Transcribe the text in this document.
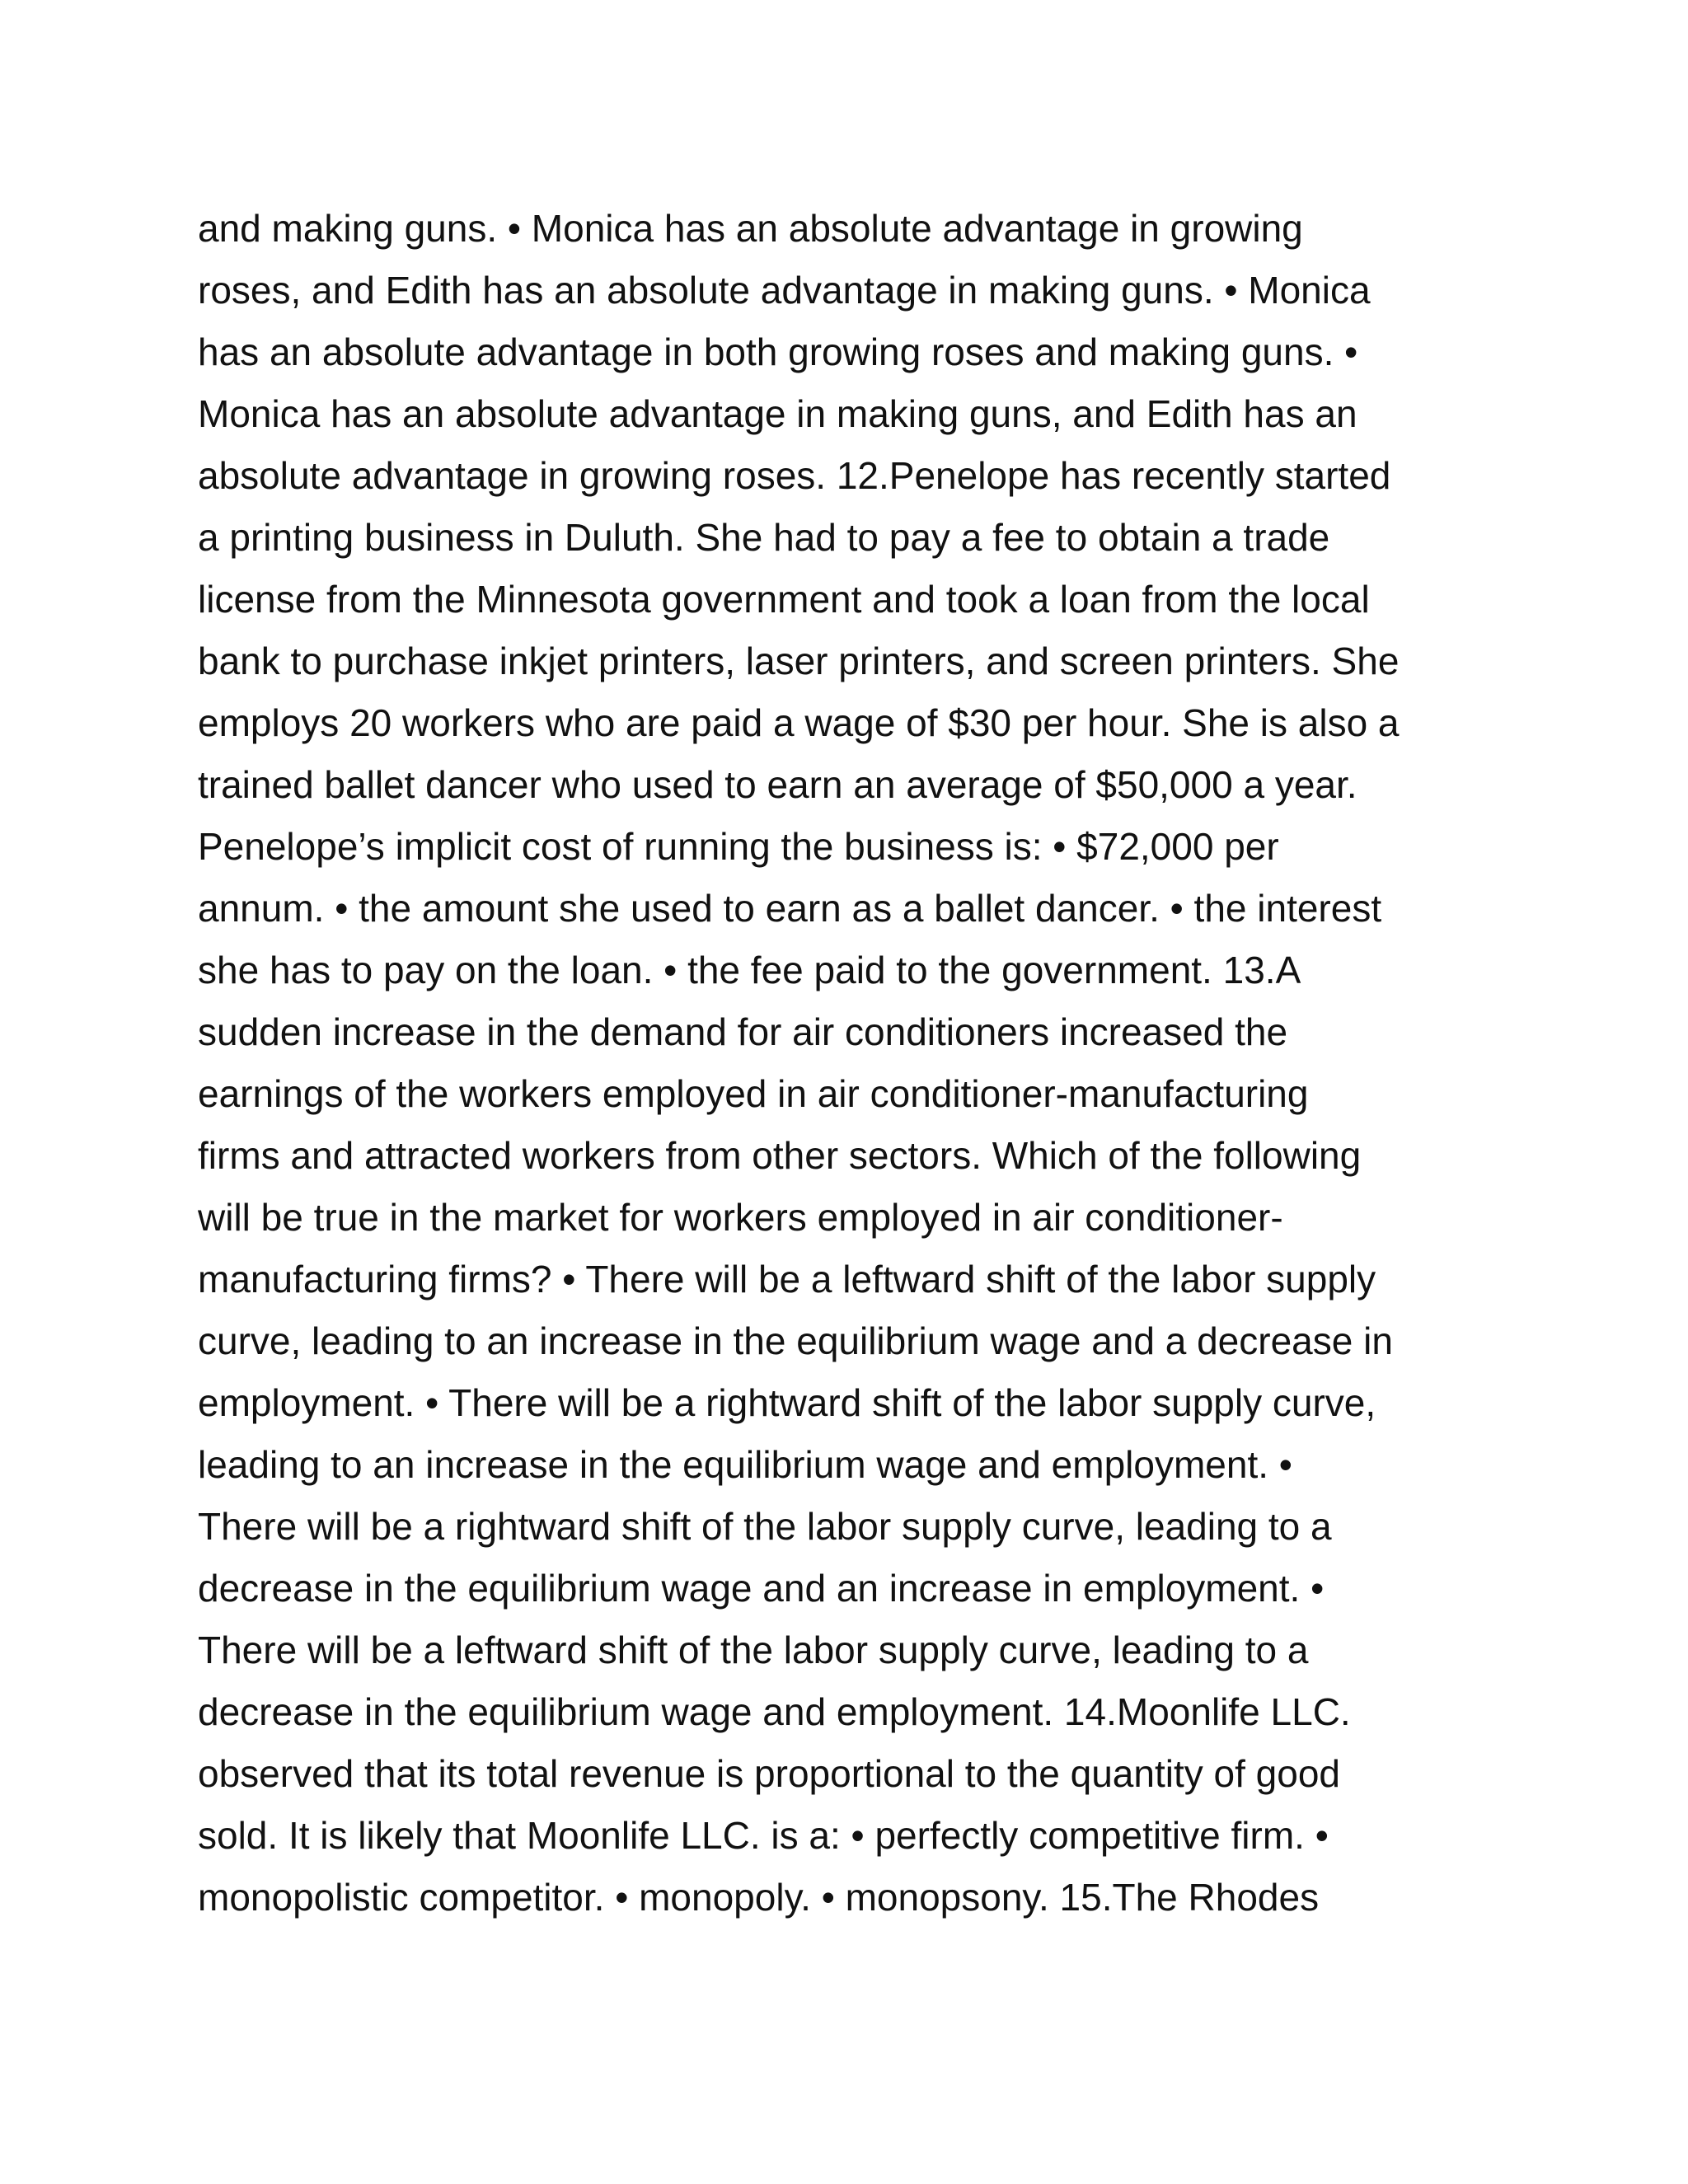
and making guns. • Monica has an absolute advantage in growing
roses, and Edith has an absolute advantage in making guns. • Monica
has an absolute advantage in both growing roses and making guns. •
Monica has an absolute advantage in making guns, and Edith has an
absolute advantage in growing roses. 12.Penelope has recently started
a printing business in Duluth. She had to pay a fee to obtain a trade
license from the Minnesota government and took a loan from the local
bank to purchase inkjet printers, laser printers, and screen printers. She
employs 20 workers who are paid a wage of $30 per hour. She is also a
trained ballet dancer who used to earn an average of $50,000 a year.
Penelope’s implicit cost of running the business is: • $72,000 per
annum. • the amount she used to earn as a ballet dancer. • the interest
she has to pay on the loan. • the fee paid to the government. 13.A
sudden increase in the demand for air conditioners increased the
earnings of the workers employed in air conditioner-manufacturing
firms and attracted workers from other sectors. Which of the following
will be true in the market for workers employed in air conditioner-
manufacturing firms? • There will be a leftward shift of the labor supply
curve, leading to an increase in the equilibrium wage and a decrease in
employment. • There will be a rightward shift of the labor supply curve,
leading to an increase in the equilibrium wage and employment. •
There will be a rightward shift of the labor supply curve, leading to a
decrease in the equilibrium wage and an increase in employment. •
There will be a leftward shift of the labor supply curve, leading to a
decrease in the equilibrium wage and employment. 14.Moonlife LLC.
observed that its total revenue is proportional to the quantity of good
sold. It is likely that Moonlife LLC. is a: • perfectly competitive firm. •
monopolistic competitor. • monopoly. • monopsony. 15.The Rhodes
